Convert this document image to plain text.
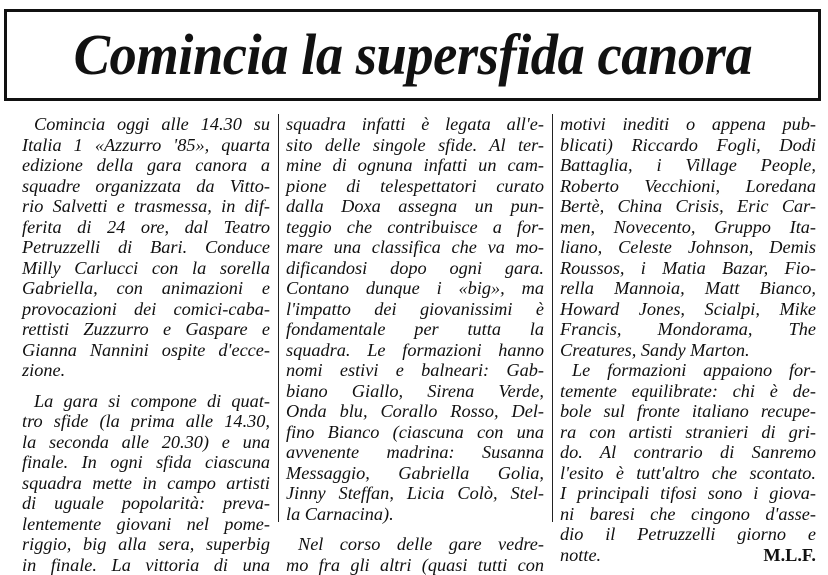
Comincia la supersfida canora
Comincia oggi alle 14.30 su
Italia 1 «Azzurro '85», quarta
edizione della gara canora a
squadre organizzata da Vitto-
rio Salvetti e trasmessa, in dif-
ferita di 24 ore, dal Teatro
Petruzzelli di Bari. Conduce
Milly Carlucci con la sorella
Gabriella, con animazioni e
provocazioni dei comici-caba-
rettisti Zuzzurro e Gaspare e
Gianna Nannini ospite d'ecce-
zione.
La gara si compone di quat-
tro sfide (la prima alle 14.30,
la seconda alle 20.30) e una
finale. In ogni sfida ciascuna
squadra mette in campo artisti
di uguale popolarità: preva-
lentemente giovani nel pome-
riggio, big alla sera, superbig
in finale. La vittoria di una
squadra infatti è legata all'e-
sito delle singole sfide. Al ter-
mine di ognuna infatti un cam-
pione di telespettatori curato
dalla Doxa assegna un pun-
teggio che contribuisce a for-
mare una classifica che va mo-
dificandosi dopo ogni gara.
Contano dunque i «big», ma
l'impatto dei giovanissimi è
fondamentale per tutta la
squadra. Le formazioni hanno
nomi estivi e balneari: Gab-
biano Giallo, Sirena Verde,
Onda blu, Corallo Rosso, Del-
fino Bianco (ciascuna con una
avvenente madrina: Susanna
Messaggio, Gabriella Golia,
Jinny Steffan, Licia Colò, Stel-
la Carnacina).
Nel corso delle gare vedre-
mo fra gli altri (quasi tutti con
motivi inediti o appena pub-
blicati) Riccardo Fogli, Dodi
Battaglia, i Village People,
Roberto Vecchioni, Loredana
Bertè, China Crisis, Eric Car-
men, Novecento, Gruppo Ita-
liano, Celeste Johnson, Demis
Roussos, i Matia Bazar, Fio-
rella Mannoia, Matt Bianco,
Howard Jones, Scialpi, Mike
Francis, Mondorama, The
Creatures, Sandy Marton.
Le formazioni appaiono for-
temente equilibrate: chi è de-
bole sul fronte italiano recupe-
ra con artisti stranieri di gri-
do. Al contrario di Sanremo
l'esito è tutt'altro che scontato.
I principali tifosi sono i giova-
ni baresi che cingono d'asse-
dio il Petruzzelli giorno e
notte.	M.L.F.
